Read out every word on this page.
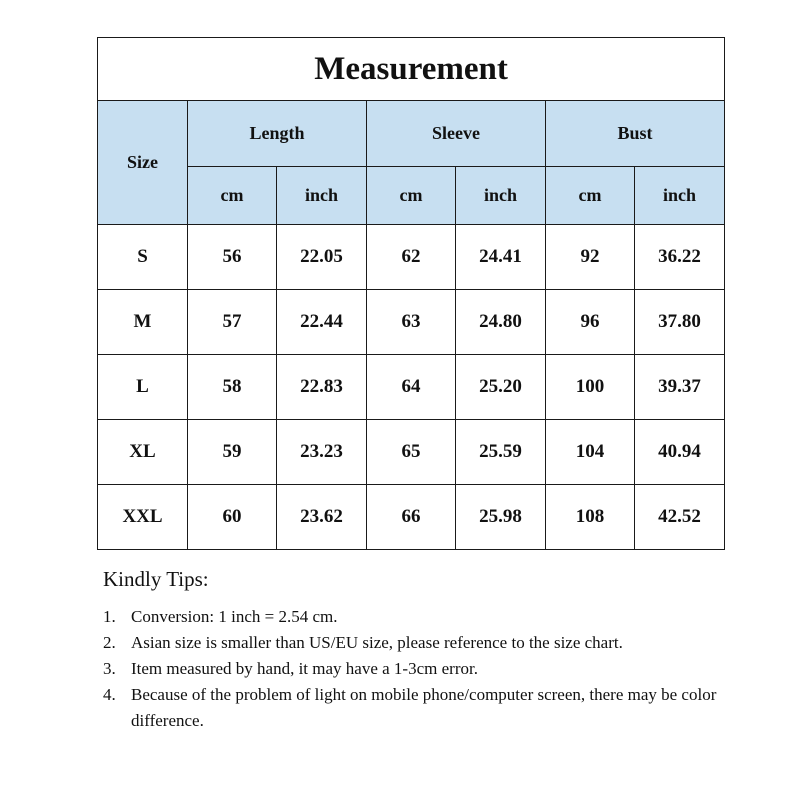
Measurement						
Size	Length		Sleeve		Bust	
	cm	inch	cm	inch	cm	inch
S	56	22.05	62	24.41	92	36.22
M	57	22.44	63	24.80	96	37.80
L	58	22.83	64	25.20	100	39.37
XL	59	23.23	65	25.59	104	40.94
XXL	60	23.62	66	25.98	108	42.52
Kindly Tips:
1. Conversion: 1 inch = 2.54 cm.
2. Asian size is smaller than US/EU size, please reference to the size chart.
3. Item measured by hand, it may have a 1-3cm error.
4. Because of the problem of light on mobile phone/computer screen, there may be color difference.
